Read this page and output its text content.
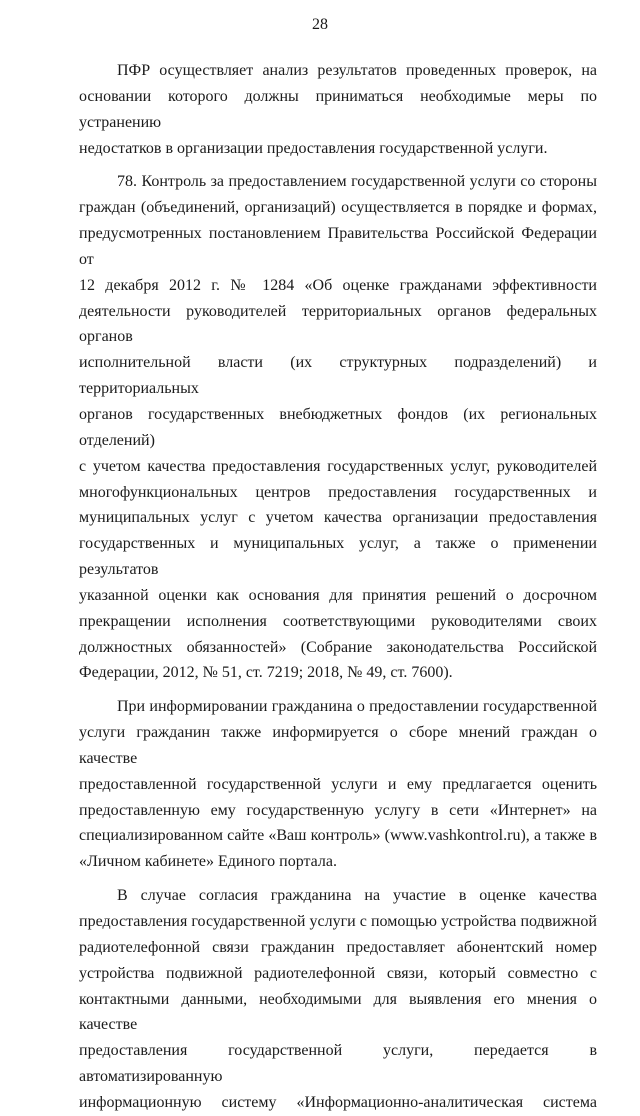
28

ПФР осуществляет анализ результатов проведенных проверок, на
основании которого должны приниматься необходимые меры по устранению
недостатков в организации предоставления государственной услуги.

78. Контроль за предоставлением государственной услуги со стороны
граждан (объединений, организаций) осуществляется в порядке и формах,
предусмотренных постановлением Правительства Российской Федерации от
12 декабря 2012 г. № 1284 «Об оценке гражданами эффективности
деятельности руководителей территориальных органов федеральных органов
исполнительной власти (их структурных подразделений) и территориальных
органов государственных внебюджетных фондов (их региональных отделений)
с учетом качества предоставления государственных услуг, руководителей
многофункциональных центров предоставления государственных и
муниципальных услуг с учетом качества организации предоставления
государственных и муниципальных услуг, а также о применении результатов
указанной оценки как основания для принятия решений о досрочном
прекращении исполнения соответствующими руководителями своих
должностных обязанностей» (Собрание законодательства Российской
Федерации, 2012, № 51, ст. 7219; 2018, № 49, ст. 7600).

При информировании гражданина о предоставлении государственной
услуги гражданин также информируется о сборе мнений граждан о качестве
предоставленной государственной услуги и ему предлагается оценить
предоставленную ему государственную услугу в сети «Интернет» на
специализированном сайте «Ваш контроль» (www.vashkontrol.ru), а также в
«Личном кабинете» Единого портала.

В случае согласия гражданина на участие в оценке качества
предоставления государственной услуги с помощью устройства подвижной
радиотелефонной связи гражданин предоставляет абонентский номер
устройства подвижной радиотелефонной связи, который совместно с
контактными данными, необходимыми для выявления его мнения о качестве
предоставления государственной услуги, передается в автоматизированную
информационную систему «Информационно-аналитическая система
